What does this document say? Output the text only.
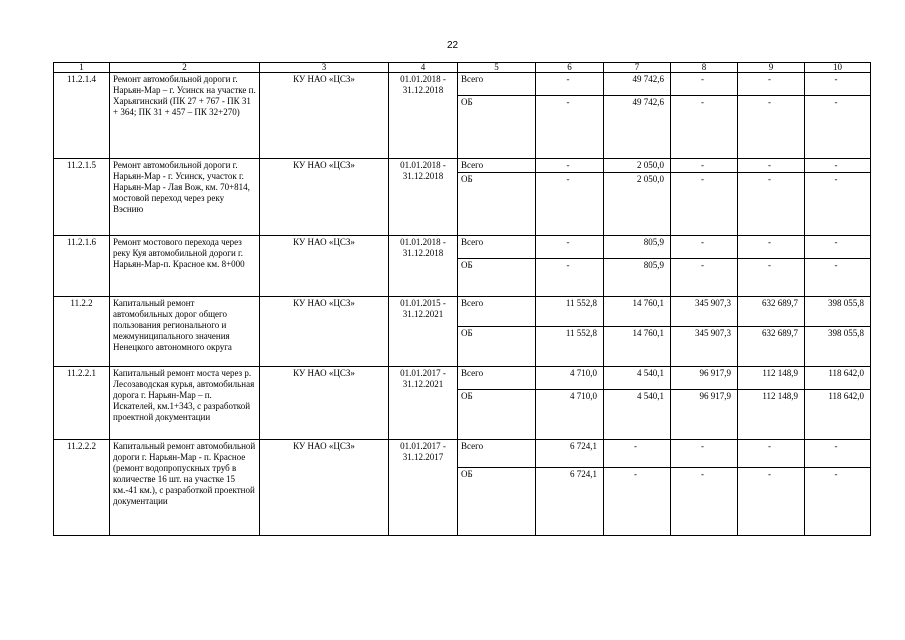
22
1	2	3	4	5	6	7	8	9	10
11.2.1.4	Ремонт автомобильной дороги г. Нарьян-Мар – г. Усинск на участке п. Харьягинский (ПК 27 + 767 - ПК 31 + 364; ПК 31 + 457 – ПК 32+270)	КУ НАО «ЦСЗ»	01.01.2018 - 31.12.2018	Всего	-	49 742,6	-	-	-
				ОБ	-	49 742,6	-	-	-
11.2.1.5	Ремонт автомобильной дороги г. Нарьян-Мар - г. Усинск, участок г. Нарьян-Мар - Лая Вож, км. 70+814, мостовой переход через реку Вэснию	КУ НАО «ЦСЗ»	01.01.2018 - 31.12.2018	Всего	-	2 050,0	-	-	-
				ОБ	-	2 050,0	-	-	-
11.2.1.6	Ремонт мостового перехода через реку Куя автомобильной дороги г. Нарьян-Мар-п. Красное км. 8+000	КУ НАО «ЦСЗ»	01.01.2018 - 31.12.2018	Всего	-	805,9	-	-	-
				ОБ	-	805,9	-	-	-
11.2.2	Капитальный ремонт автомобильных дорог общего пользования регионального и межмуниципального значения Ненецкого автономного округа	КУ НАО «ЦСЗ»	01.01.2015 - 31.12.2021	Всего	11 552,8	14 760,1	345 907,3	632 689,7	398 055,8
				ОБ	11 552,8	14 760,1	345 907,3	632 689,7	398 055,8
11.2.2.1	Капитальный ремонт моста через р. Лесозаводская курья, автомобильная дорога г. Нарьян-Мар – п. Искателей, км.1+343, с разработкой проектной документации	КУ НАО «ЦСЗ»	01.01.2017 - 31.12.2021	Всего	4 710,0	4 540,1	96 917,9	112 148,9	118 642,0
				ОБ	4 710,0	4 540,1	96 917,9	112 148,9	118 642,0
11.2.2.2	Капитальный ремонт автомобильной дороги г. Нарьян-Мар - п. Красное (ремонт водопропускных труб в количестве 16 шт. на участке 15 км.-41 км.), с разработкой проектной документации	КУ НАО «ЦСЗ»	01.01.2017 - 31.12.2017	Всего	6 724,1	-	-	-	-
				ОБ	6 724,1	-	-	-	-
